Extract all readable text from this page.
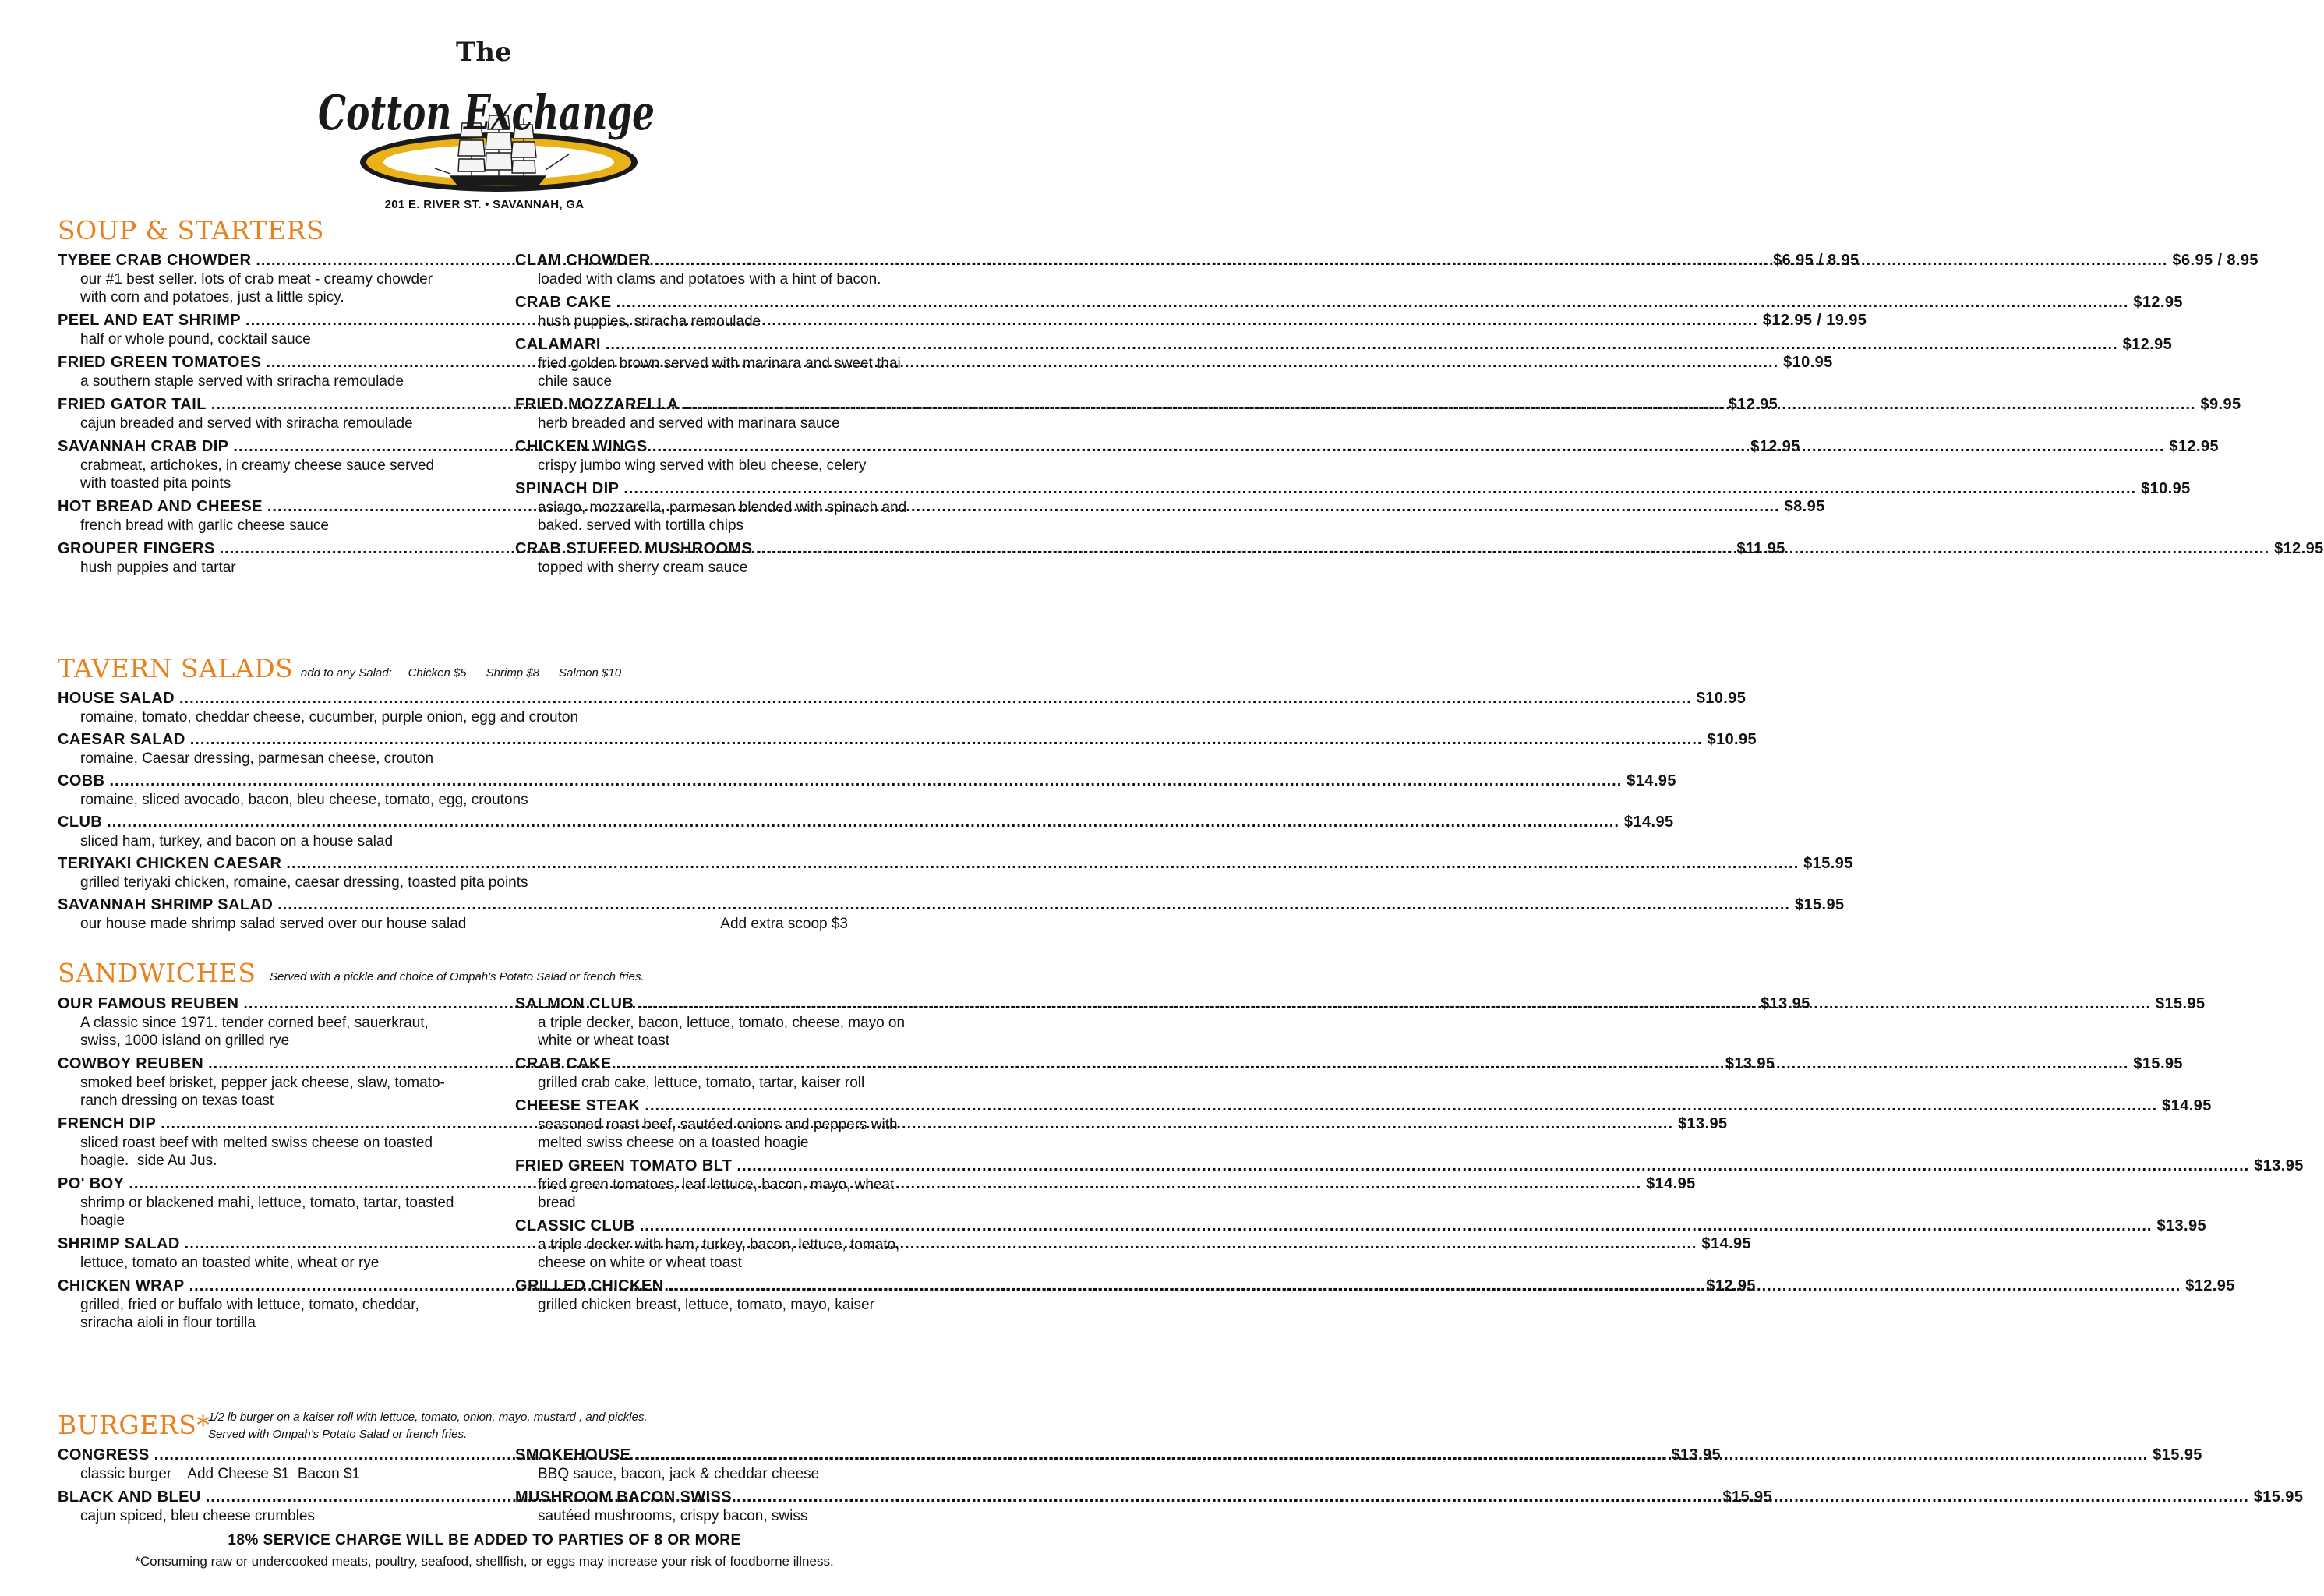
The
Cotton Exchange
201 E. RIVER ST. • SAVANNAH, GA
SOUP & STARTERS
TYBEE CRAB CHOWDER .....	$6.95 / 8.95
our #1 best seller. lots of crab meat - creamy chowder with corn and potatoes, just a little spicy.
PEEL AND EAT SHRIMP .....	$12.95 / 19.95
half or whole pound, cocktail sauce
FRIED GREEN TOMATOES .....	$10.95
a southern staple served with sriracha remoulade
FRIED GATOR TAIL .....	$12.95
cajun breaded and served with sriracha remoulade
SAVANNAH CRAB DIP .....	$12.95
crabmeat, artichokes, in creamy cheese sauce served with toasted pita points
HOT BREAD AND CHEESE .....	$8.95
french bread with garlic cheese sauce
GROUPER FINGERS .....	$11.95
hush puppies and tartar
CLAM CHOWDER .....	$6.95 / 8.95
loaded with clams and potatoes with a hint of bacon.
CRAB CAKE .....	$12.95
hush puppies, sriracha remoulade
CALAMARI .....	$12.95
fried golden brown served with marinara and sweet thai chile sauce
FRIED MOZZARELLA .....	$9.95
herb breaded and served with marinara sauce
CHICKEN WINGS .....	$12.95
crispy jumbo wing served with bleu cheese, celery
SPINACH DIP .....	$10.95
asiago, mozzarella, parmesan blended with spinach and baked. served with tortilla chips
CRAB STUFFED MUSHROOMS .....	$12.95
topped with sherry cream sauce
TAVERN SALADS add to any Salad:     Chicken $5      Shrimp $8      Salmon $10
HOUSE SALAD .....	$10.95
romaine, tomato, cheddar cheese, cucumber, purple onion, egg and crouton
CAESAR SALAD .....	$10.95
romaine, Caesar dressing, parmesan cheese, crouton
COBB .....	$14.95
romaine, sliced avocado, bacon, bleu cheese, tomato, egg, croutons
CLUB .....	$14.95
sliced ham, turkey, and bacon on a house salad
TERIYAKI CHICKEN CAESAR .....	$15.95
grilled teriyaki chicken, romaine, caesar dressing, toasted pita points
SAVANNAH SHRIMP SALAD .....	$15.95
our house made shrimp salad served over our house salad	Add extra scoop $3
SANDWICHES Served with a pickle and choice of Ompah's Potato Salad or french fries.
OUR FAMOUS REUBEN .....	$13.95
A classic since 1971. tender corned beef, sauerkraut, swiss, 1000 island on grilled rye
COWBOY REUBEN .....	$13.95
smoked beef brisket, pepper jack cheese, slaw, tomato-ranch dressing on texas toast
FRENCH DIP .....	$13.95
sliced roast beef with melted swiss cheese on toasted hoagie.  side Au Jus.
PO' BOY .....	$14.95
shrimp or blackened mahi, lettuce, tomato, tartar, toasted hoagie
SHRIMP SALAD .....	$14.95
lettuce, tomato an toasted white, wheat or rye
CHICKEN WRAP .....	$12.95
grilled, fried or buffalo with lettuce, tomato, cheddar, sriracha aioli in flour tortilla
SALMON CLUB .....	$15.95
a triple decker, bacon, lettuce, tomato, cheese, mayo on white or wheat toast
CRAB CAKE .....	$15.95
grilled crab cake, lettuce, tomato, tartar, kaiser roll
CHEESE STEAK .....	$14.95
seasoned roast beef, sautéed onions and peppers with melted swiss cheese on a toasted hoagie
FRIED GREEN TOMATO BLT .....	$13.95
fried green tomatoes, leaf lettuce, bacon, mayo, wheat bread
CLASSIC CLUB .....	$13.95
a triple decker with ham, turkey, bacon, lettuce, tomato, cheese on white or wheat toast
GRILLED CHICKEN .....	$12.95
grilled chicken breast, lettuce, tomato, mayo, kaiser
BURGERS*
1/2 lb burger on a kaiser roll with lettuce, tomato, onion, mayo, mustard , and pickles.
Served with Ompah's Potato Salad or french fries.
CONGRESS .....	$13.95
classic burger    Add Cheese $1  Bacon $1
BLACK AND BLEU .....	$15.95
cajun spiced, bleu cheese crumbles
SMOKEHOUSE .....	$15.95
BBQ sauce, bacon, jack & cheddar cheese
MUSHROOM BACON SWISS .....	$15.95
sautéed mushrooms, crispy bacon, swiss
18% SERVICE CHARGE WILL BE ADDED TO PARTIES OF 8 OR MORE
*Consuming raw or undercooked meats, poultry, seafood, shellfish, or eggs may increase your risk of foodborne illness.
